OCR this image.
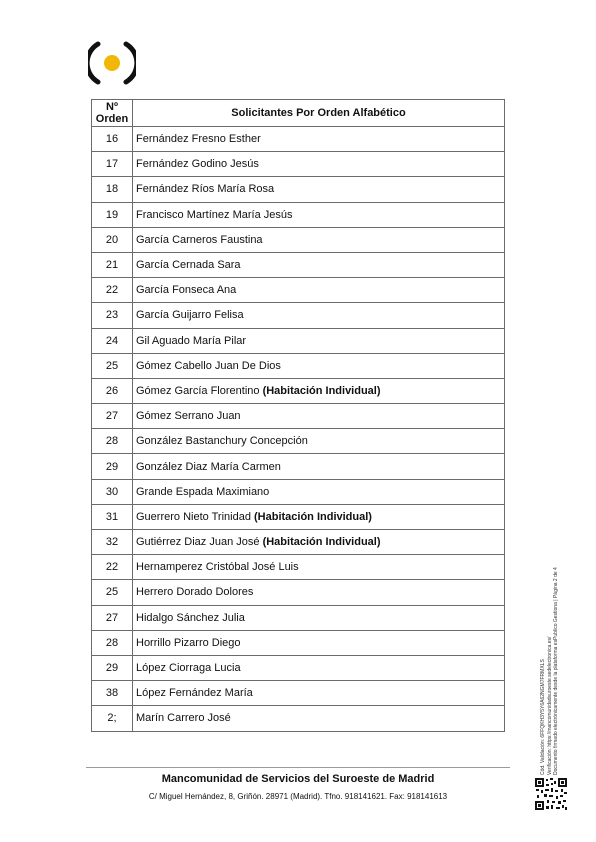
Nº Orden	Solicitantes Por Orden Alfabético
16	Fernández Fresno Esther
17	Fernández Godino Jesús
18	Fernández Ríos María Rosa
19	Francisco Martínez María Jesús
20	García Carneros Faustina
21	García Cernada Sara
22	García Fonseca Ana
23	García Guijarro Felisa
24	Gil Aguado María Pilar
25	Gómez Cabello Juan De Dios
26	Gómez García Florentino (Habitación Individual)
27	Gómez Serrano Juan
28	González Bastanchury Concepción
29	González Diaz María Carmen
30	Grande Espada Maximiano
31	Guerrero Nieto Trinidad (Habitación Individual)
32	Gutiérrez Diaz Juan José (Habitación Individual)
22	Hernamperez Cristóbal José Luis
25	Herrero Dorado Dolores
27	Hidalgo Sánchez Julia
28	Horrillo Pizarro Diego
29	López Ciorraga Lucia
38	López Fernández María
2;	Marín Carrero José
Mancomunidad de Servicios del Suroeste de Madrid
C/ Miguel Hernández, 8, Griñón. 28971 (Madrid). Tfno. 918141621. Fax: 918141613
Cód. Validación: 6FFQKH3Y5Y6A62NGM7FRMXLS Verificación: https://mancomunidadsuroeste.sedelectronica.es/ Documento firmado electrónicamente desde la plataforma esPublico Gestiona | Página 2 de 4
